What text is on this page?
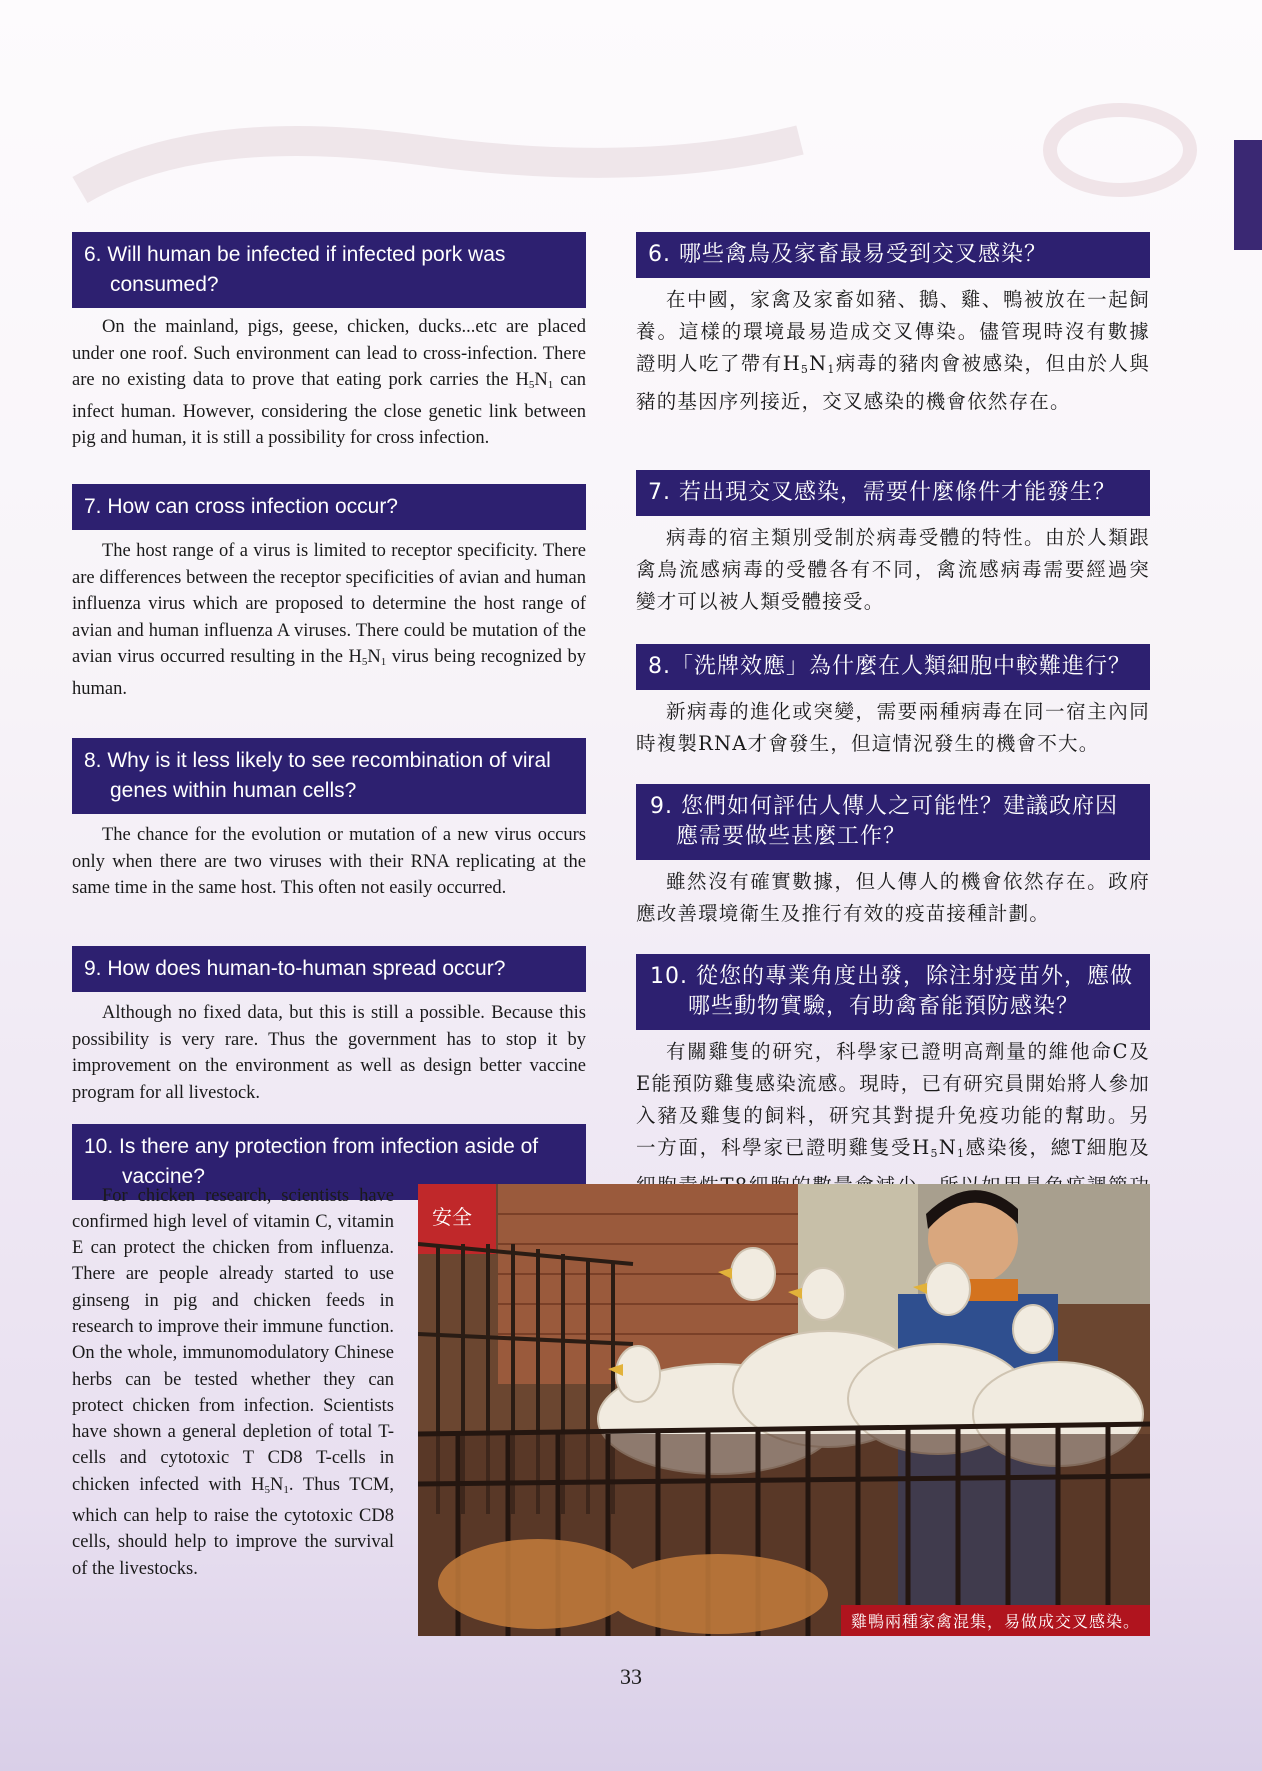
6. Will human be infected if infected pork was consumed?

On the mainland, pigs, geese, chicken, ducks...etc are placed under one roof. Such environment can lead to cross-infection. There are no existing data to prove that eating pork carries the $H_5N_1$ can infect human. However, considering the close genetic link between pig and human, it is still a possibility for cross infection.

7. How can cross infection occur?

The host range of a virus is limited to receptor specificity. There are differences between the receptor specificities of avian and human influenza virus which are proposed to determine the host range of avian and human influenza A viruses. There could be mutation of the avian virus occurred resulting in the $H_5N_1$ virus being recognized by human.

8. Why is it less likely to see recombination of viral genes within human cells?

The chance for the evolution or mutation of a new virus occurs only when there are two viruses with their RNA replicating at the same time in the same host. This often not easily occurred.

9. How does human-to-human spread occur?

Although no fixed data, but this is still a possible. Because this possibility is very rare. Thus the government has to stop it by improvement on the environment as well as design better vaccine program for all livestock.

10. Is there any protection from infection aside of vaccine?

For chicken research, scientists have confirmed high level of vitamin C, vitamin E can protect the chicken from influenza. There are people already started to use ginseng in pig and chicken feeds in research to improve their immune function. On the whole, immunomodulatory Chinese herbs can be tested whether they can protect chicken from infection. Scientists have shown a general depletion of total T-cells and cytotoxic T CD8 T-cells in chicken infected with $H_5N_1$. Thus TCM, which can help to raise the cytotoxic CD8 cells, should help to improve the survival of the livestocks.

6. 哪些禽鳥及家畜最易受到交叉感染？

在中國，家禽及家畜如豬、鵝、雞、鴨被放在一起飼養。這樣的環境最易造成交叉傳染。儘管現時沒有數據證明人吃了帶有$H_5N_1$病毒的豬肉會被感染，但由於人與豬的基因序列接近，交叉感染的機會依然存在。

7. 若出現交叉感染，需要什麼條件才能發生？

病毒的宿主類別受制於病毒受體的特性。由於人類跟禽鳥流感病毒的受體各有不同，禽流感病毒需要經過突變才可以被人類受體接受。

8.「洗牌效應」為什麼在人類細胞中較難進行？

新病毒的進化或突變，需要兩種病毒在同一宿主內同時複製RNA才會發生，但這情況發生的機會不大。

9. 您們如何評估人傳人之可能性？建議政府因應需要做些甚麼工作？

雖然沒有確實數據，但人傳人的機會依然存在。政府應改善環境衛生及推行有效的疫苗接種計劃。

10. 從您的專業角度出發，除注射疫苗外，應做哪些動物實驗，有助禽畜能預防感染？

有關雞隻的研究，科學家已證明高劑量的維他命C及E能預防雞隻感染流感。現時，已有研究員開始將人參加入豬及雞隻的飼料，研究其對提升免疫功能的幫助。另一方面，科學家已證明雞隻受$H_5N_1$感染後，總T細胞及

安全
雞鴨兩種家禽混集，易做成交叉感染。
33
